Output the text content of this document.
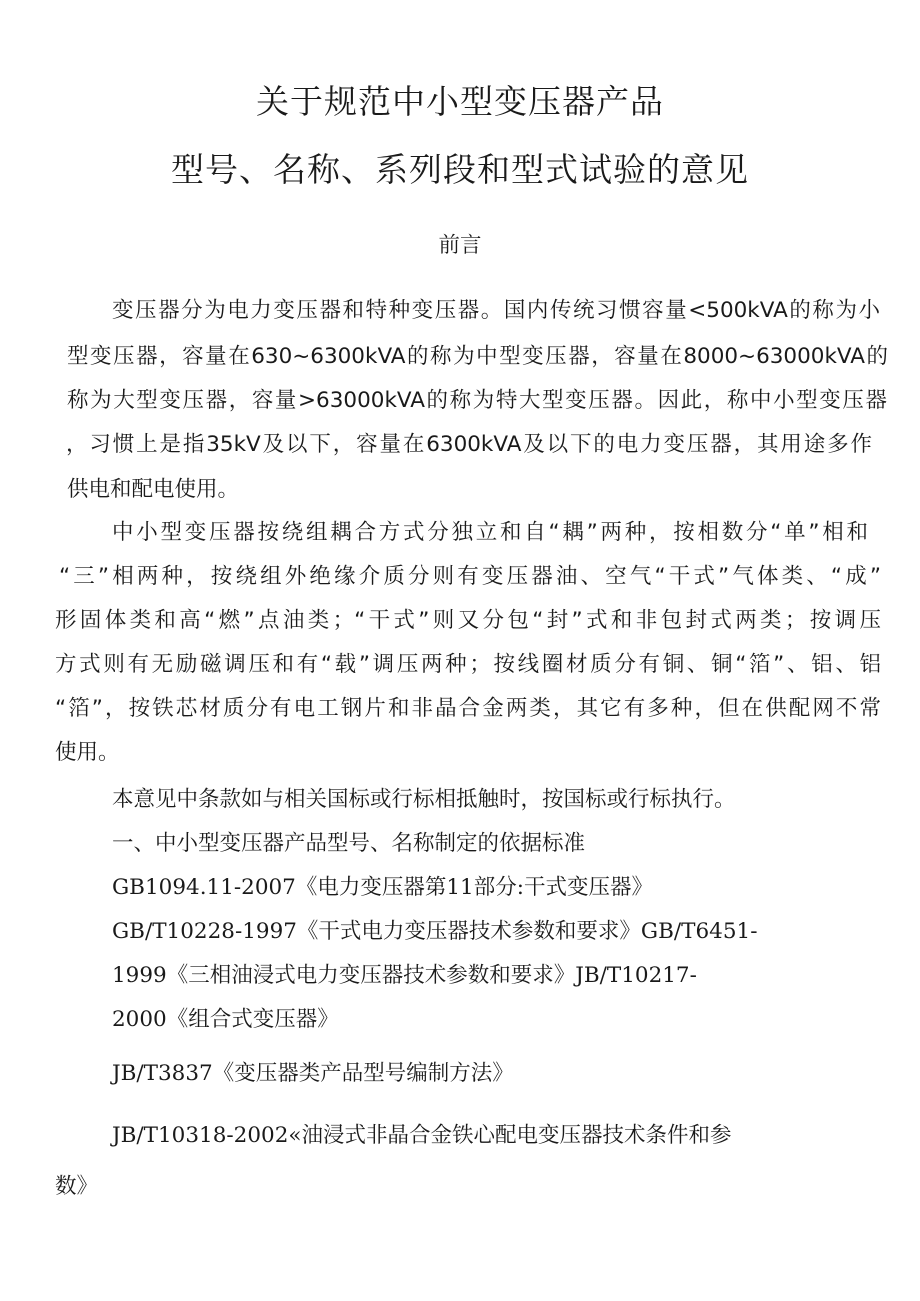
关于规范中小型变压器产品
型号、名称、系列段和型式试验的意见
前言
变压器分为电力变压器和特种变压器。国内传统习惯容量<500kVA的称为小
型变压器，容量在630~6300kVA的称为中型变压器，容量在8000~63000kVA的
称为大型变压器，容量>63000kVA的称为特大型变压器。因此，称中小型变压器
，习惯上是指35kV及以下，容量在6300kVA及以下的电力变压器，其用途多作
供电和配电使用。
中小型变压器按绕组耦合方式分独立和自“耦”两种，按相数分“单”相和
“三”相两种，按绕组外绝缘介质分则有变压器油、空气“干式”气体类、“成”
形固体类和高“燃”点油类；“干式”则又分包“封”式和非包封式两类；按调压
方式则有无励磁调压和有“载”调压两种；按线圈材质分有铜、铜“箔”、铝、铝
“箔”，按铁芯材质分有电工钢片和非晶合金两类，其它有多种，但在供配网不常
使用。
本意见中条款如与相关国标或行标相抵触时，按国标或行标执行。
一、中小型变压器产品型号、名称制定的依据标准
GB1094.11-2007《电力变压器第11部分:干式变压器》
GB/T10228-1997《干式电力变压器技术参数和要求》GB/T6451-
1999《三相油浸式电力变压器技术参数和要求》JB/T10217-
2000《组合式变压器》
JB/T3837《变压器类产品型号编制方法》
JB/T10318-2002«油浸式非晶合金铁心配电变压器技术条件和参
数》
